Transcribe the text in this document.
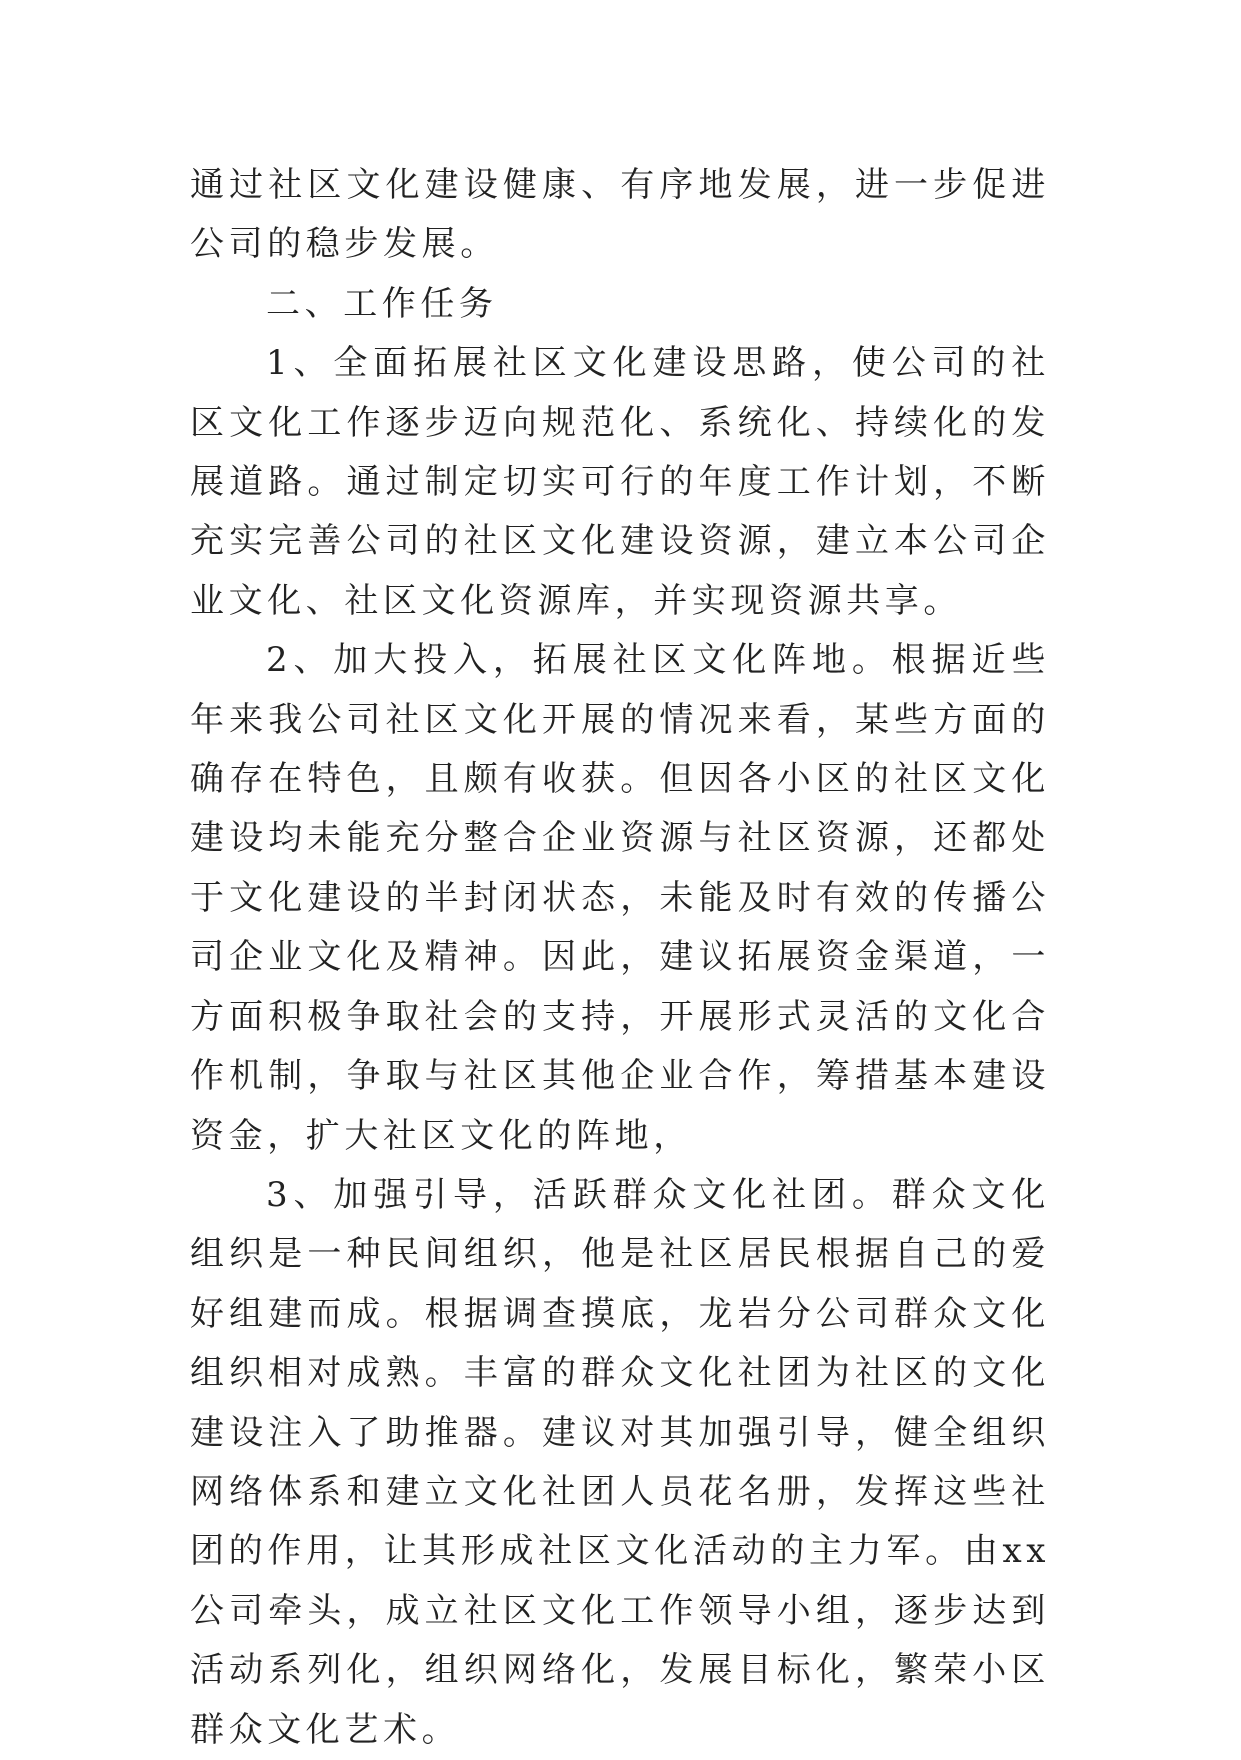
通过社区文化建设健康、有序地发展，进一步促进公司的稳步发展。

二、工作任务

1、全面拓展社区文化建设思路，使公司的社区文化工作逐步迈向规范化、系统化、持续化的发展道路。通过制定切实可行的年度工作计划，不断充实完善公司的社区文化建设资源，建立本公司企业文化、社区文化资源库，并实现资源共享。

2、加大投入，拓展社区文化阵地。根据近些年来我公司社区文化开展的情况来看，某些方面的确存在特色，且颇有收获。但因各小区的社区文化建设均未能充分整合企业资源与社区资源，还都处于文化建设的半封闭状态，未能及时有效的传播公司企业文化及精神。因此，建议拓展资金渠道，一方面积极争取社会的支持，开展形式灵活的文化合作机制，争取与社区其他企业合作，筹措基本建设资金，扩大社区文化的阵地，

3、加强引导，活跃群众文化社团。群众文化组织是一种民间组织，他是社区居民根据自己的爱好组建而成。根据调查摸底，龙岩分公司群众文化组织相对成熟。丰富的群众文化社团为社区的文化建设注入了助推器。建议对其加强引导，健全组织网络体系和建立文化社团人员花名册，发挥这些社团的作用，让其形成社区文化活动的主力军。由xx公司牵头，成立社区文化工作领导小组，逐步达到活动系列化，组织网络化，发展目标化，繁荣小区群众文化艺术。
